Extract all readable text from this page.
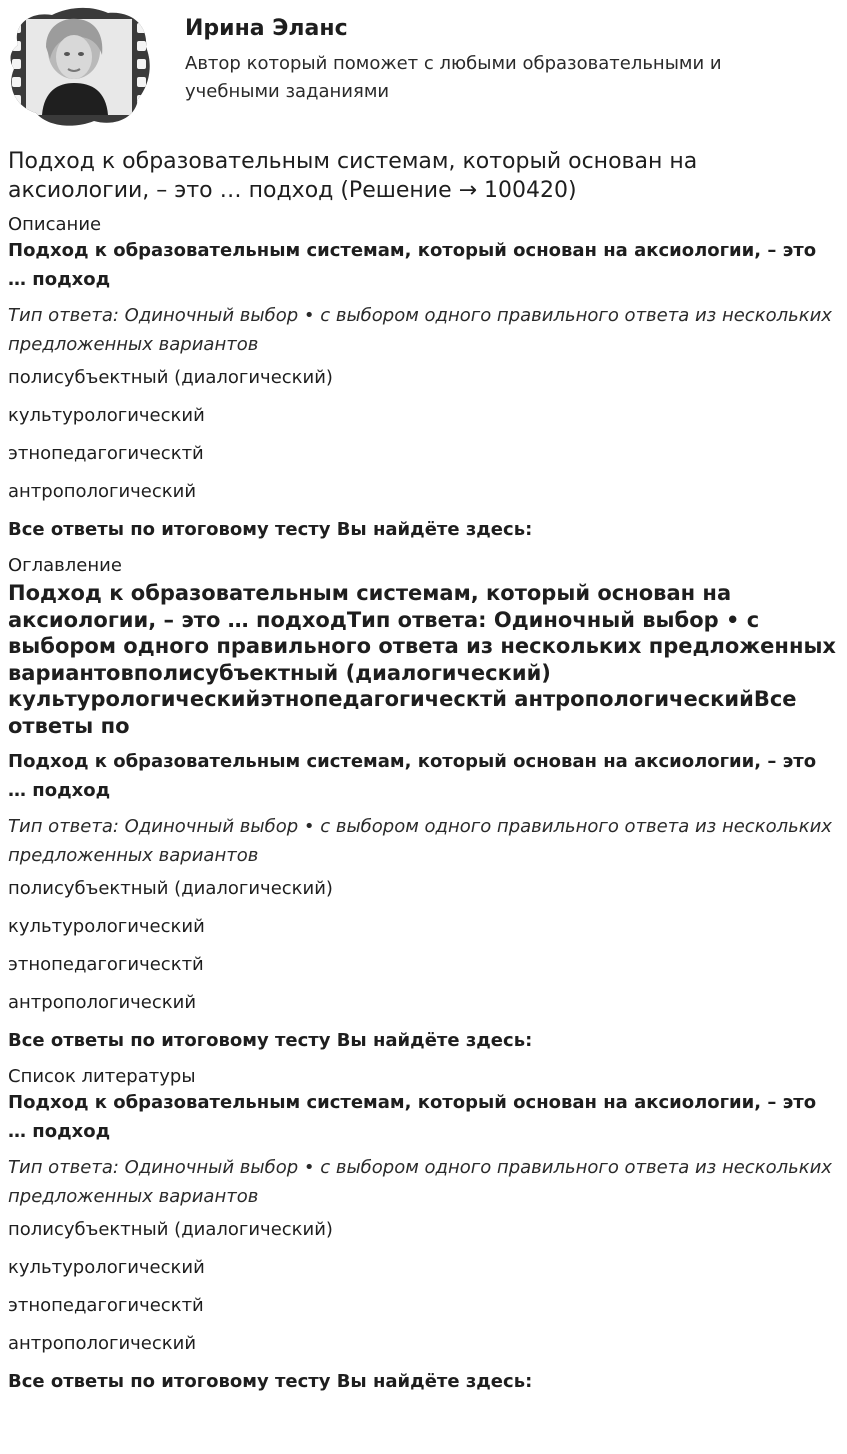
Ирина Эланс
Автор который поможет с любыми образовательными и учебными заданиями
Подход к образовательным системам, который основан на аксиологии, – это … подход (Решение → 100420)

Описание

Подход к образовательным системам, который основан на аксиологии, – это … подход

Тип ответа: Одиночный выбор • с выбором одного правильного ответа из нескольких предложенных вариантов

полисубъектный (диалогический)

культурологический

этнопедагогическтй

антропологический

Все ответы по итоговому тесту Вы найдёте здесь:

Оглавление

Подход к образовательным системам, который основан на аксиологии, – это … подходТип ответа: Одиночный выбор • с выбором одного правильного ответа из нескольких предложенных вариантовполисубъектный (диалогический) культурологическийэтнопедагогическтй антропологическийВсе ответы по

Подход к образовательным системам, который основан на аксиологии, – это … подход

Тип ответа: Одиночный выбор • с выбором одного правильного ответа из нескольких предложенных вариантов

полисубъектный (диалогический)

культурологический

этнопедагогическтй

антропологический

Все ответы по итоговому тесту Вы найдёте здесь:

Список литературы

Подход к образовательным системам, который основан на аксиологии, – это … подход

Тип ответа: Одиночный выбор • с выбором одного правильного ответа из нескольких предложенных вариантов

полисубъектный (диалогический)

культурологический

этнопедагогическтй

антропологический

Все ответы по итоговому тесту Вы найдёте здесь:
